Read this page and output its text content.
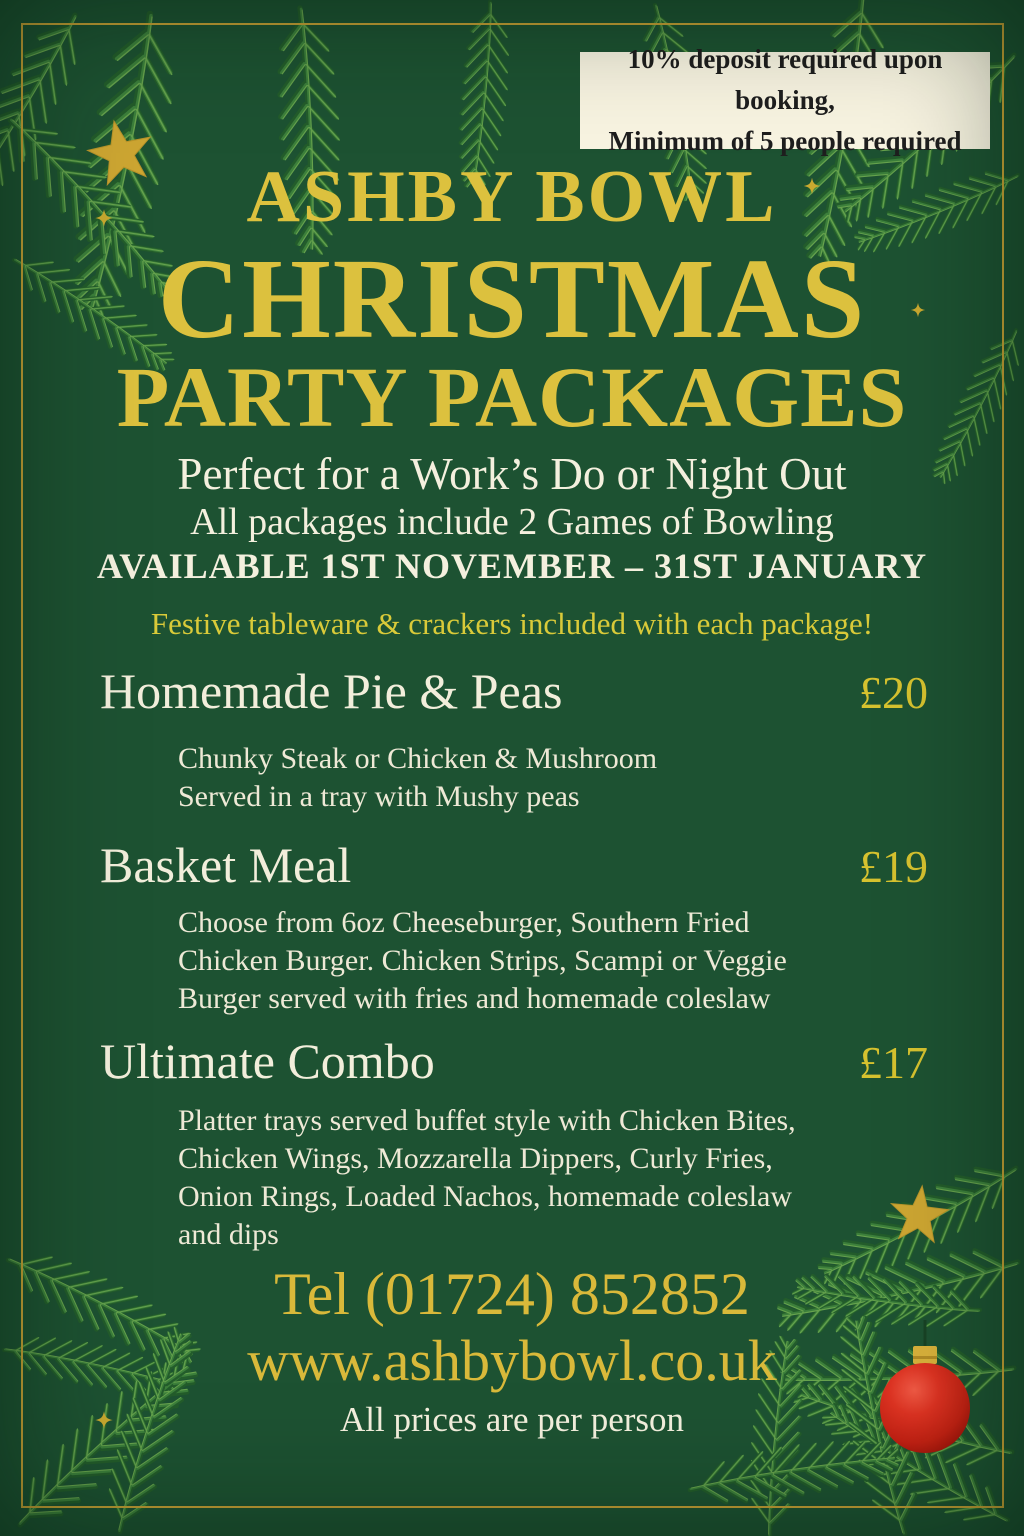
10% deposit required upon booking,
Minimum of 5 people required
ASHBY BOWL
CHRISTMAS
PARTY PACKAGES
Perfect for a Work’s Do or Night Out
All packages include 2 Games of Bowling
AVAILABLE 1ST NOVEMBER – 31ST JANUARY
Festive tableware & crackers included with each package!
Homemade Pie & Peas	£20
Chunky Steak or Chicken & Mushroom
Served in a tray with Mushy peas
Basket Meal	£19
Choose from 6oz Cheeseburger, Southern Fried
Chicken Burger. Chicken Strips, Scampi or Veggie
Burger served with fries and homemade coleslaw
Ultimate Combo	£17
Platter trays served buffet style with Chicken Bites,
Chicken Wings, Mozzarella Dippers, Curly Fries,
Onion Rings, Loaded Nachos, homemade coleslaw
and dips
Tel (01724) 852852
www.ashbybowl.co.uk
All prices are per person
